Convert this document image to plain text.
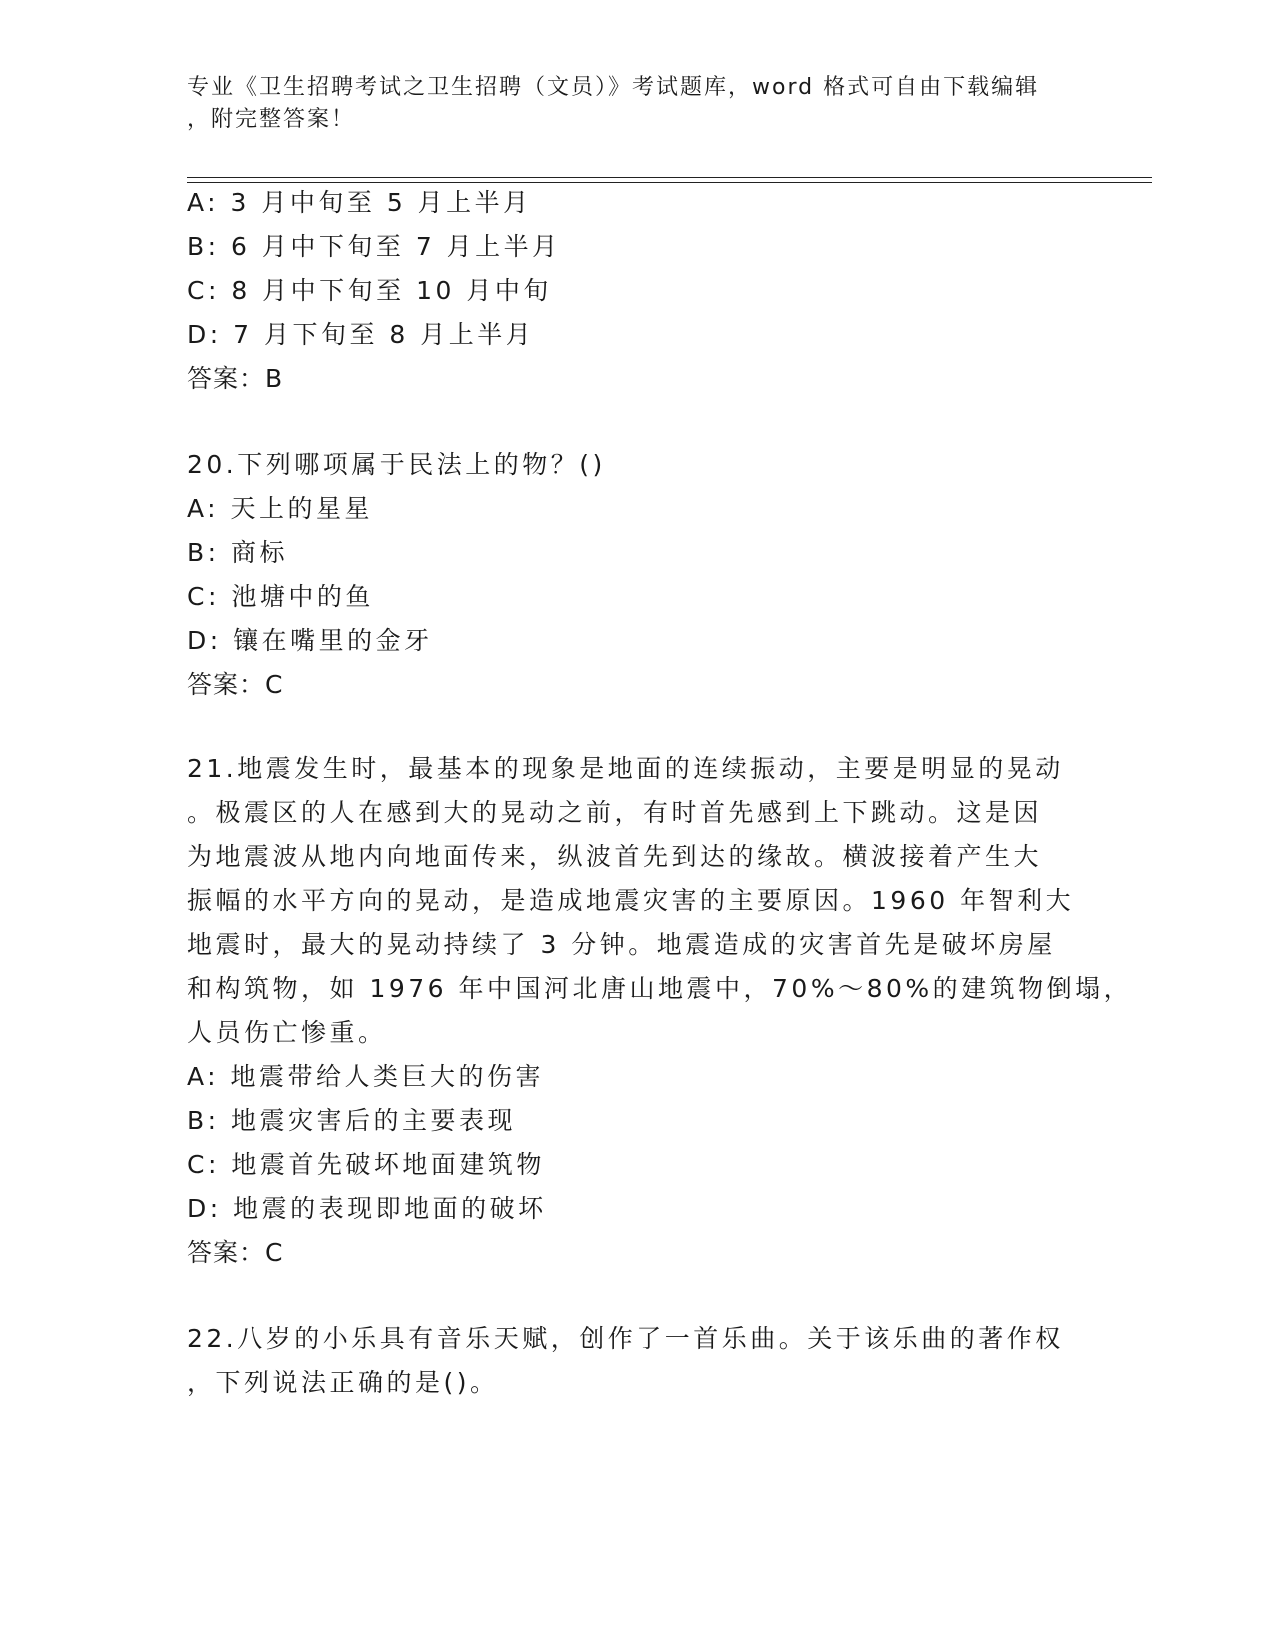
专业《卫生招聘考试之卫生招聘（文员）》考试题库，word 格式可自由下载编辑
，附完整答案！
A: 3 月中旬至 5 月上半月
B: 6 月中下旬至 7 月上半月
C: 8 月中下旬至 10 月中旬
D: 7 月下旬至 8 月上半月
答案：B
20.下列哪项属于民法上的物？()
A: 天上的星星
B: 商标
C: 池塘中的鱼
D: 镶在嘴里的金牙
答案：C
21.地震发生时，最基本的现象是地面的连续振动，主要是明显的晃动
。极震区的人在感到大的晃动之前，有时首先感到上下跳动。这是因
为地震波从地内向地面传来，纵波首先到达的缘故。横波接着产生大
振幅的水平方向的晃动，是造成地震灾害的主要原因。1960 年智利大
地震时，最大的晃动持续了 3 分钟。地震造成的灾害首先是破坏房屋
和构筑物，如 1976 年中国河北唐山地震中，70%～80%的建筑物倒塌，
人员伤亡惨重。
A: 地震带给人类巨大的伤害
B: 地震灾害后的主要表现
C: 地震首先破坏地面建筑物
D: 地震的表现即地面的破坏
答案：C
22.八岁的小乐具有音乐天赋，创作了一首乐曲。关于该乐曲的著作权
，下列说法正确的是()。
